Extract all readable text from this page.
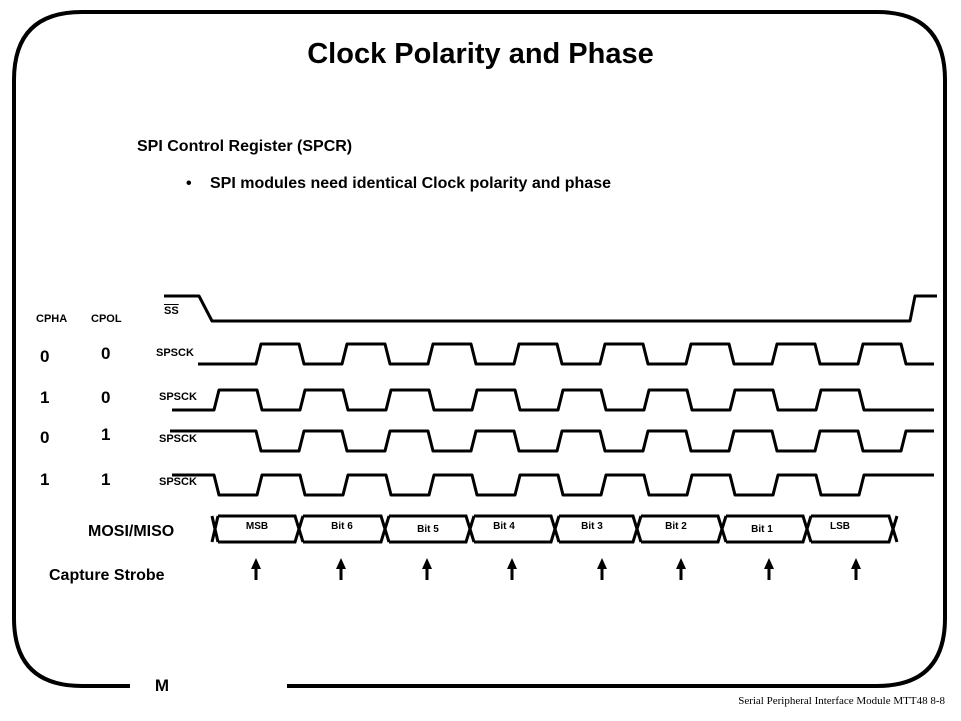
Clock Polarity and Phase
SPI Control Register (SPCR)
• SPI modules need identical Clock polarity and phase
CPHA CPOL
0	0
1	0
0	1
1	1
$\overline{SS}$
SPSCK
SPSCK
SPSCK
SPSCK
MOSI/MISO
Capture Strobe
MSB	Bit 6	Bit 5	Bit 4	Bit 3	Bit 2	Bit 1	LSB
M
Serial Peripheral Interface Module MTT48 8-8
